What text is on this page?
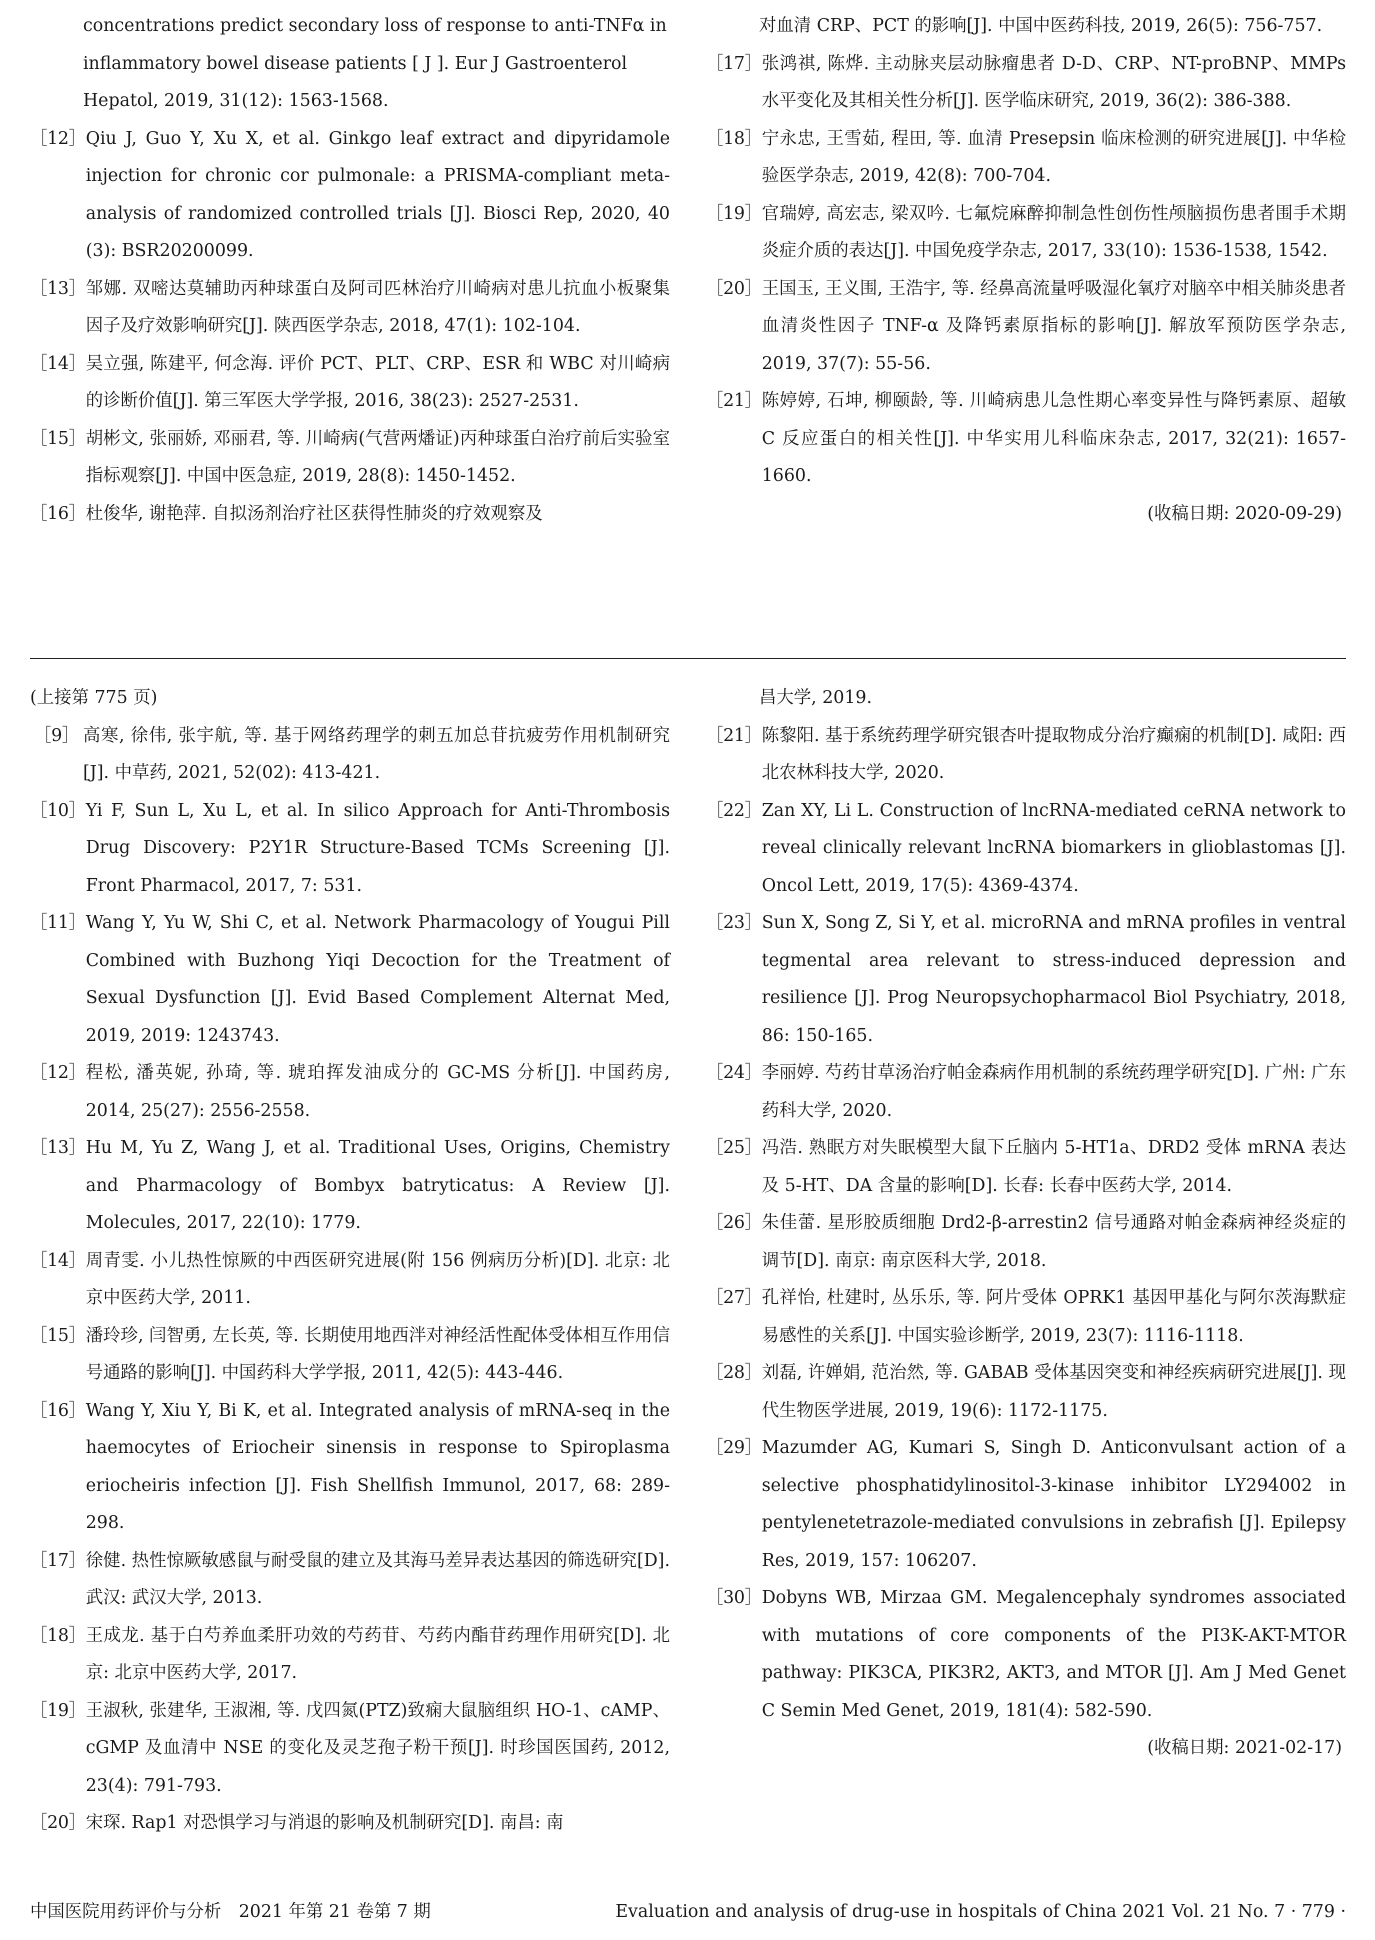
concentrations predict secondary loss of response to anti-TNFα in inflammatory bowel disease patients [ J ]. Eur J Gastroenterol Hepatol, 2019, 31(12): 1563-1568.
［12］ Qiu J, Guo Y, Xu X, et al. Ginkgo leaf extract and dipyridamole injection for chronic cor pulmonale: a PRISMA-compliant meta-analysis of randomized controlled trials [J]. Biosci Rep, 2020, 40 (3): BSR20200099.
［13］ 邹娜. 双嘧达莫辅助丙种球蛋白及阿司匹林治疗川崎病对患儿抗血小板聚集因子及疗效影响研究[J]. 陕西医学杂志, 2018, 47(1): 102-104.
［14］ 吴立强, 陈建平, 何念海. 评价 PCT、PLT、CRP、ESR 和 WBC 对川崎病的诊断价值[J]. 第三军医大学学报, 2016, 38(23): 2527-2531.
［15］ 胡彬文, 张丽娇, 邓丽君, 等. 川崎病(气营两燔证)丙种球蛋白治疗前后实验室指标观察[J]. 中国中医急症, 2019, 28(8): 1450-1452.
［16］ 杜俊华, 谢艳萍. 自拟汤剂治疗社区获得性肺炎的疗效观察及
对血清 CRP、PCT 的影响[J]. 中国中医药科技, 2019, 26(5): 756-757.
［17］ 张鸿祺, 陈烨. 主动脉夹层动脉瘤患者 D-D、CRP、NT-proBNP、MMPs 水平变化及其相关性分析[J]. 医学临床研究, 2019, 36(2): 386-388.
［18］ 宁永忠, 王雪茹, 程田, 等. 血清 Presepsin 临床检测的研究进展[J]. 中华检验医学杂志, 2019, 42(8): 700-704.
［19］ 官瑞婷, 高宏志, 梁双吟. 七氟烷麻醉抑制急性创伤性颅脑损伤患者围手术期炎症介质的表达[J]. 中国免疫学杂志, 2017, 33(10): 1536-1538, 1542.
［20］ 王国玉, 王义围, 王浩宇, 等. 经鼻高流量呼吸湿化氧疗对脑卒中相关肺炎患者血清炎性因子 TNF-α 及降钙素原指标的影响[J]. 解放军预防医学杂志, 2019, 37(7): 55-56.
［21］ 陈婷婷, 石坤, 柳颐龄, 等. 川崎病患儿急性期心率变异性与降钙素原、超敏 C 反应蛋白的相关性[J]. 中华实用儿科临床杂志, 2017, 32(21): 1657-1660.
(收稿日期: 2020-09-29)
(上接第 775 页)
［9］ 高寒, 徐伟, 张宇航, 等. 基于网络药理学的刺五加总苷抗疲劳作用机制研究[J]. 中草药, 2021, 52(02): 413-421.
［10］ Yi F, Sun L, Xu L, et al. In silico Approach for Anti-Thrombosis Drug Discovery: P2Y1R Structure-Based TCMs Screening [J]. Front Pharmacol, 2017, 7: 531.
［11］ Wang Y, Yu W, Shi C, et al. Network Pharmacology of Yougui Pill Combined with Buzhong Yiqi Decoction for the Treatment of Sexual Dysfunction [J]. Evid Based Complement Alternat Med, 2019, 2019: 1243743.
［12］ 程松, 潘英妮, 孙琦, 等. 琥珀挥发油成分的 GC-MS 分析[J]. 中国药房, 2014, 25(27): 2556-2558.
［13］ Hu M, Yu Z, Wang J, et al. Traditional Uses, Origins, Chemistry and Pharmacology of Bombyx batryticatus: A Review [J]. Molecules, 2017, 22(10): 1779.
［14］ 周青雯. 小儿热性惊厥的中西医研究进展(附 156 例病历分析)[D]. 北京: 北京中医药大学, 2011.
［15］ 潘玲珍, 闫智勇, 左长英, 等. 长期使用地西泮对神经活性配体受体相互作用信号通路的影响[J]. 中国药科大学学报, 2011, 42(5): 443-446.
［16］ Wang Y, Xiu Y, Bi K, et al. Integrated analysis of mRNA-seq in the haemocytes of Eriocheir sinensis in response to Spiroplasma eriocheiris infection [J]. Fish Shellfish Immunol, 2017, 68: 289-298.
［17］ 徐健. 热性惊厥敏感鼠与耐受鼠的建立及其海马差异表达基因的筛选研究[D]. 武汉: 武汉大学, 2013.
［18］ 王成龙. 基于白芍养血柔肝功效的芍药苷、芍药内酯苷药理作用研究[D]. 北京: 北京中医药大学, 2017.
［19］ 王淑秋, 张建华, 王淑湘, 等. 戊四氮(PTZ)致痫大鼠脑组织 HO-1、cAMP、cGMP 及血清中 NSE 的变化及灵芝孢子粉干预[J]. 时珍国医国药, 2012, 23(4): 791-793.
［20］ 宋琛. Rap1 对恐惧学习与消退的影响及机制研究[D]. 南昌: 南
昌大学, 2019.
［21］ 陈黎阳. 基于系统药理学研究银杏叶提取物成分治疗癫痫的机制[D]. 咸阳: 西北农林科技大学, 2020.
［22］ Zan XY, Li L. Construction of lncRNA-mediated ceRNA network to reveal clinically relevant lncRNA biomarkers in glioblastomas [J]. Oncol Lett, 2019, 17(5): 4369-4374.
［23］ Sun X, Song Z, Si Y, et al. microRNA and mRNA profiles in ventral tegmental area relevant to stress-induced depression and resilience [J]. Prog Neuropsychopharmacol Biol Psychiatry, 2018, 86: 150-165.
［24］ 李丽婷. 芍药甘草汤治疗帕金森病作用机制的系统药理学研究[D]. 广州: 广东药科大学, 2020.
［25］ 冯浩. 熟眠方对失眠模型大鼠下丘脑内 5-HT1a、DRD2 受体 mRNA 表达及 5-HT、DA 含量的影响[D]. 长春: 长春中医药大学, 2014.
［26］ 朱佳蕾. 星形胶质细胞 Drd2-β-arrestin2 信号通路对帕金森病神经炎症的调节[D]. 南京: 南京医科大学, 2018.
［27］ 孔祥怡, 杜建时, 丛乐乐, 等. 阿片受体 OPRK1 基因甲基化与阿尔茨海默症易感性的关系[J]. 中国实验诊断学, 2019, 23(7): 1116-1118.
［28］ 刘磊, 许婵娟, 范治然, 等. GABAB 受体基因突变和神经疾病研究进展[J]. 现代生物医学进展, 2019, 19(6): 1172-1175.
［29］ Mazumder AG, Kumari S, Singh D. Anticonvulsant action of a selective phosphatidylinositol-3-kinase inhibitor LY294002 in pentylenetetrazole-mediated convulsions in zebrafish [J]. Epilepsy Res, 2019, 157: 106207.
［30］ Dobyns WB, Mirzaa GM. Megalencephaly syndromes associated with mutations of core components of the PI3K-AKT-MTOR pathway: PIK3CA, PIK3R2, AKT3, and MTOR [J]. Am J Med Genet C Semin Med Genet, 2019, 181(4): 582-590.
(收稿日期: 2021-02-17)
中国医院用药评价与分析　2021 年第 21 卷第 7 期	Evaluation and analysis of drug-use in hospitals of China 2021 Vol. 21 No. 7 · 779 ·
